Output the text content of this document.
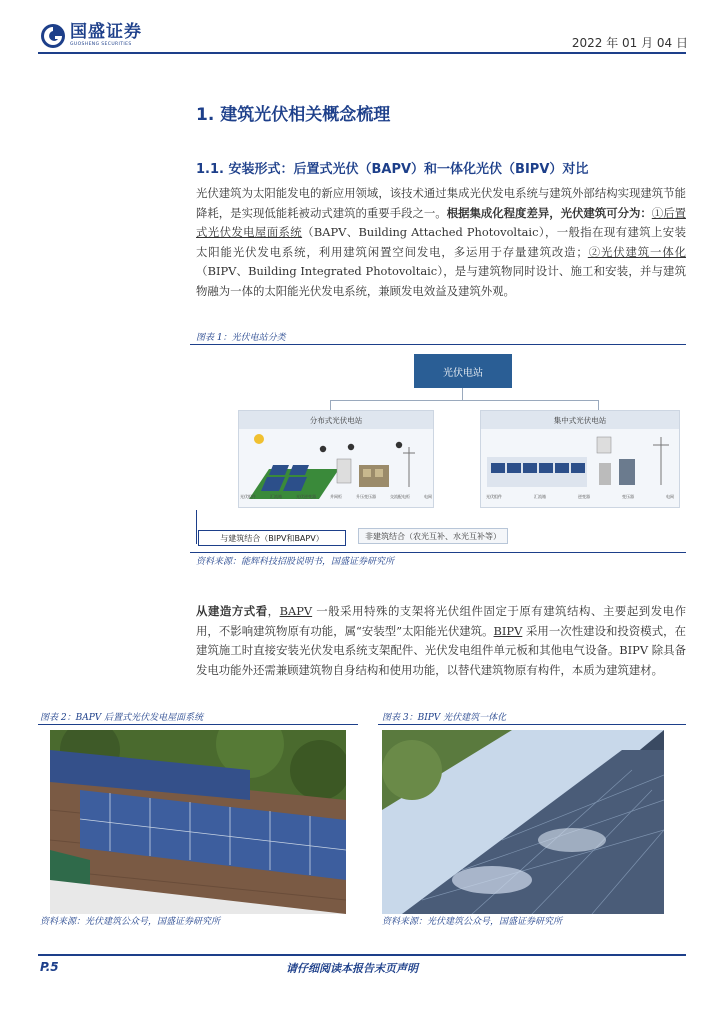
国盛证券
GUOSHENG SECURITIES	2022 年 01 月 04 日
1. 建筑光伏相关概念梳理
1.1. 安装形式：后置式光伏（BAPV）和一体化光伏（BIPV）对比
光伏建筑为太阳能发电的新应用领域，该技术通过集成光伏发电系统与建筑外部结构实现建筑节能降耗，是实现低能耗被动式建筑的重要手段之一。根据集成化程度差异，光伏建筑可分为：①后置式光伏发电屋面系统（BAPV、Building Attached Photovoltaic），一般指在现有建筑上安装太阳能光伏发电系统，利用建筑闲置空间发电，多运用于存量建筑改造；②光伏建筑一体化（BIPV、Building Integrated Photovoltaic），是与建筑物同时设计、施工和安装，并与建筑物融为一体的太阳能光伏发电系统，兼顾发电效益及建筑外观。
图表 1：光伏电站分类
光伏电站
分布式光伏电站
光伏组件	汇流箱	光伏逆变器	并网柜	升压变压器	交流配电柜	电网
集中式光伏电站
光伏组件	汇流箱	逆变器	变压器	电网
与建筑结合（BIPV和BAPV）	非建筑结合（农光互补、水光互补等）
资料来源：能辉科技招股说明书，国盛证券研究所
从建造方式看，BAPV 一般采用特殊的支架将光伏组件固定于原有建筑结构、主要起到发电作用，不影响建筑物原有功能，属“安装型”太阳能光伏建筑。BIPV 采用一次性建设和投资模式，在建筑施工时直接安装光伏发电系统支架配件、光伏发电组件单元板和其他电气设备。BIPV 除具备发电功能外还需兼顾建筑物自身结构和使用功能，以替代建筑物原有构件，本质为建筑建材。
图表 2：BAPV 后置式光伏发电屋面系统
资料来源：光伏建筑公众号，国盛证券研究所
图表 3：BIPV 光伏建筑一体化
资料来源：光伏建筑公众号，国盛证券研究所
P.5	请仔细阅读本报告末页声明
